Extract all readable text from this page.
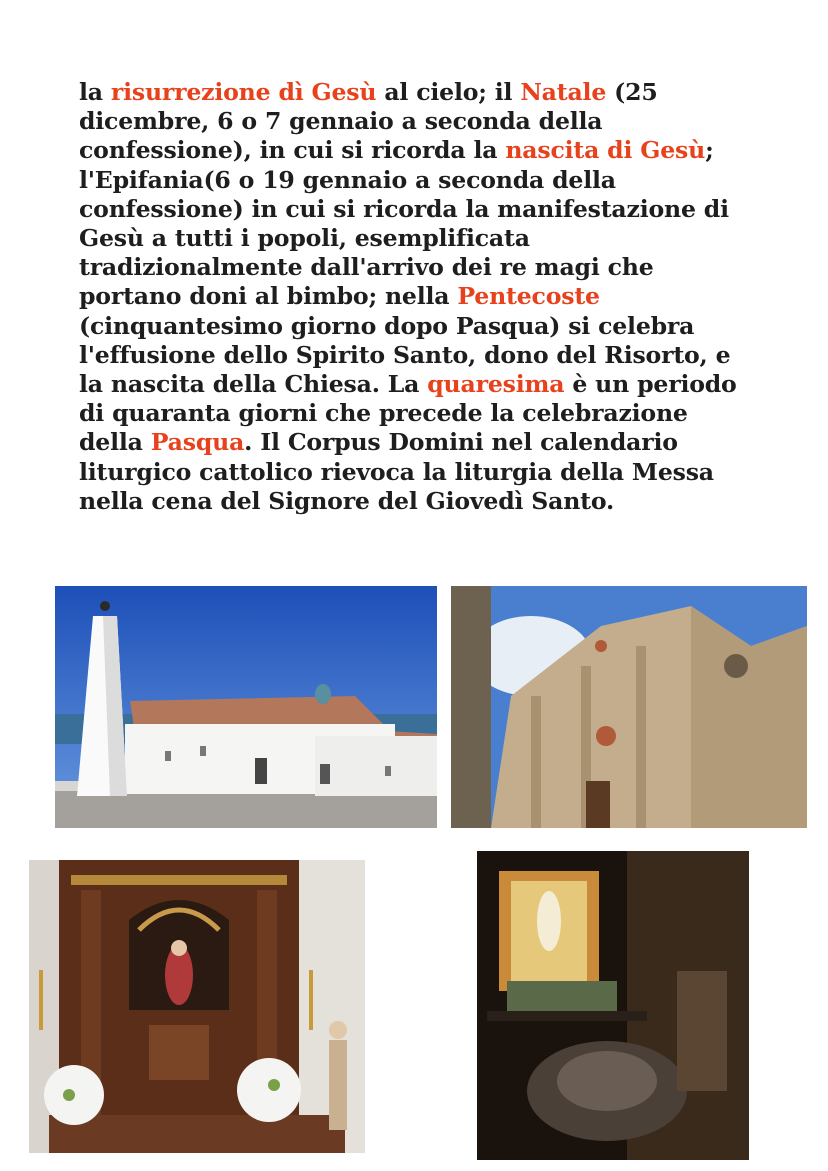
la risurrezione dì Gesù al cielo; il Natale (25 dicembre, 6 o 7 gennaio a seconda della confessione), in cui si ricorda la nascita di Gesù; l'Epifania(6 o 19 gennaio a seconda della confessione) in cui si ricorda la manifestazione di Gesù a tutti i popoli, esemplificata tradizionalmente dall'arrivo dei re magi che portano doni al bimbo; nella Pentecoste (cinquantesimo giorno dopo Pasqua) si celebra l'effusione dello Spirito Santo, dono del Risorto, e la nascita della Chiesa. La quaresima è un periodo di quaranta giorni che precede la celebrazione della Pasqua. Il Corpus Domini nel calendario liturgico cattolico rievoca la liturgia della Messa nella cena del Signore del Giovedì Santo.
